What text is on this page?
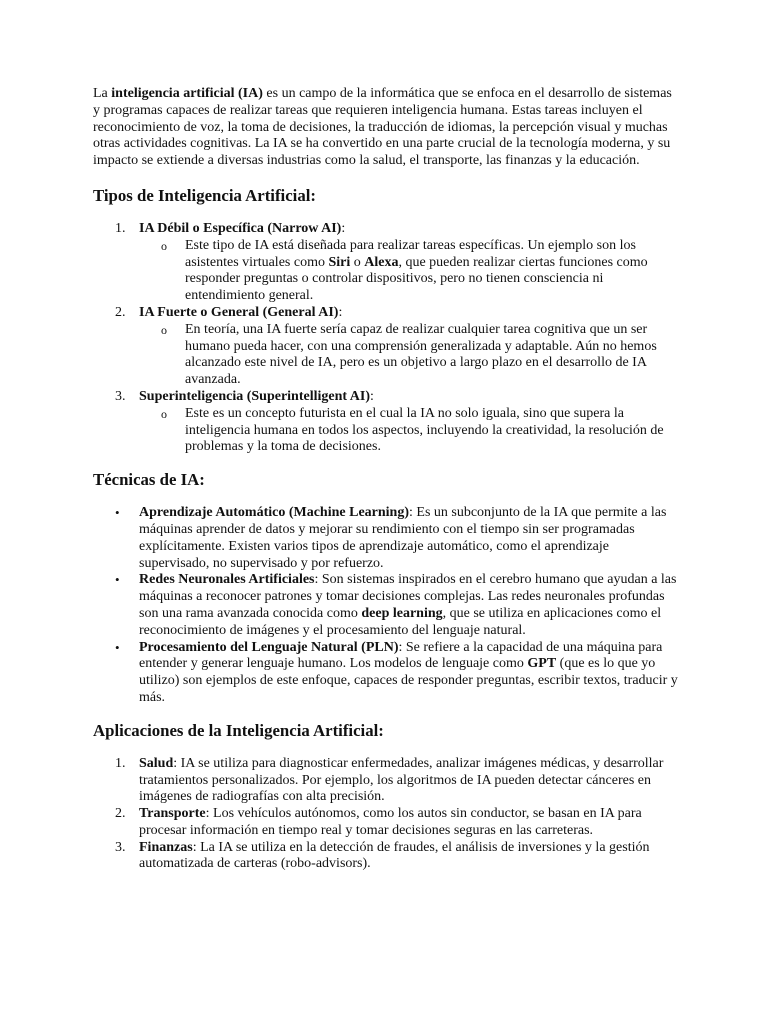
La inteligencia artificial (IA) es un campo de la informática que se enfoca en el desarrollo de sistemas y programas capaces de realizar tareas que requieren inteligencia humana. Estas tareas incluyen el reconocimiento de voz, la toma de decisiones, la traducción de idiomas, la percepción visual y muchas otras actividades cognitivas. La IA se ha convertido en una parte crucial de la tecnología moderna, y su impacto se extiende a diversas industrias como la salud, el transporte, las finanzas y la educación.

Tipos de Inteligencia Artificial:
1. IA Débil o Específica (Narrow AI):
o Este tipo de IA está diseñada para realizar tareas específicas. Un ejemplo son los asistentes virtuales como Siri o Alexa, que pueden realizar ciertas funciones como responder preguntas o controlar dispositivos, pero no tienen consciencia ni entendimiento general.
2. IA Fuerte o General (General AI):
o En teoría, una IA fuerte sería capaz de realizar cualquier tarea cognitiva que un ser humano pueda hacer, con una comprensión generalizada y adaptable. Aún no hemos alcanzado este nivel de IA, pero es un objetivo a largo plazo en el desarrollo de IA avanzada.
3. Superinteligencia (Superintelligent AI):
o Este es un concepto futurista en el cual la IA no solo iguala, sino que supera la inteligencia humana en todos los aspectos, incluyendo la creatividad, la resolución de problemas y la toma de decisiones.
Técnicas de IA:
• Aprendizaje Automático (Machine Learning): Es un subconjunto de la IA que permite a las máquinas aprender de datos y mejorar su rendimiento con el tiempo sin ser programadas explícitamente. Existen varios tipos de aprendizaje automático, como el aprendizaje supervisado, no supervisado y por refuerzo.
• Redes Neuronales Artificiales: Son sistemas inspirados en el cerebro humano que ayudan a las máquinas a reconocer patrones y tomar decisiones complejas. Las redes neuronales profundas son una rama avanzada conocida como deep learning, que se utiliza en aplicaciones como el reconocimiento de imágenes y el procesamiento del lenguaje natural.
• Procesamiento del Lenguaje Natural (PLN): Se refiere a la capacidad de una máquina para entender y generar lenguaje humano. Los modelos de lenguaje como GPT (que es lo que yo utilizo) son ejemplos de este enfoque, capaces de responder preguntas, escribir textos, traducir y más.
Aplicaciones de la Inteligencia Artificial:
1. Salud: IA se utiliza para diagnosticar enfermedades, analizar imágenes médicas, y desarrollar tratamientos personalizados. Por ejemplo, los algoritmos de IA pueden detectar cánceres en imágenes de radiografías con alta precisión.
2. Transporte: Los vehículos autónomos, como los autos sin conductor, se basan en IA para procesar información en tiempo real y tomar decisiones seguras en las carreteras.
3. Finanzas: La IA se utiliza en la detección de fraudes, el análisis de inversiones y la gestión automatizada de carteras (robo-advisors).
